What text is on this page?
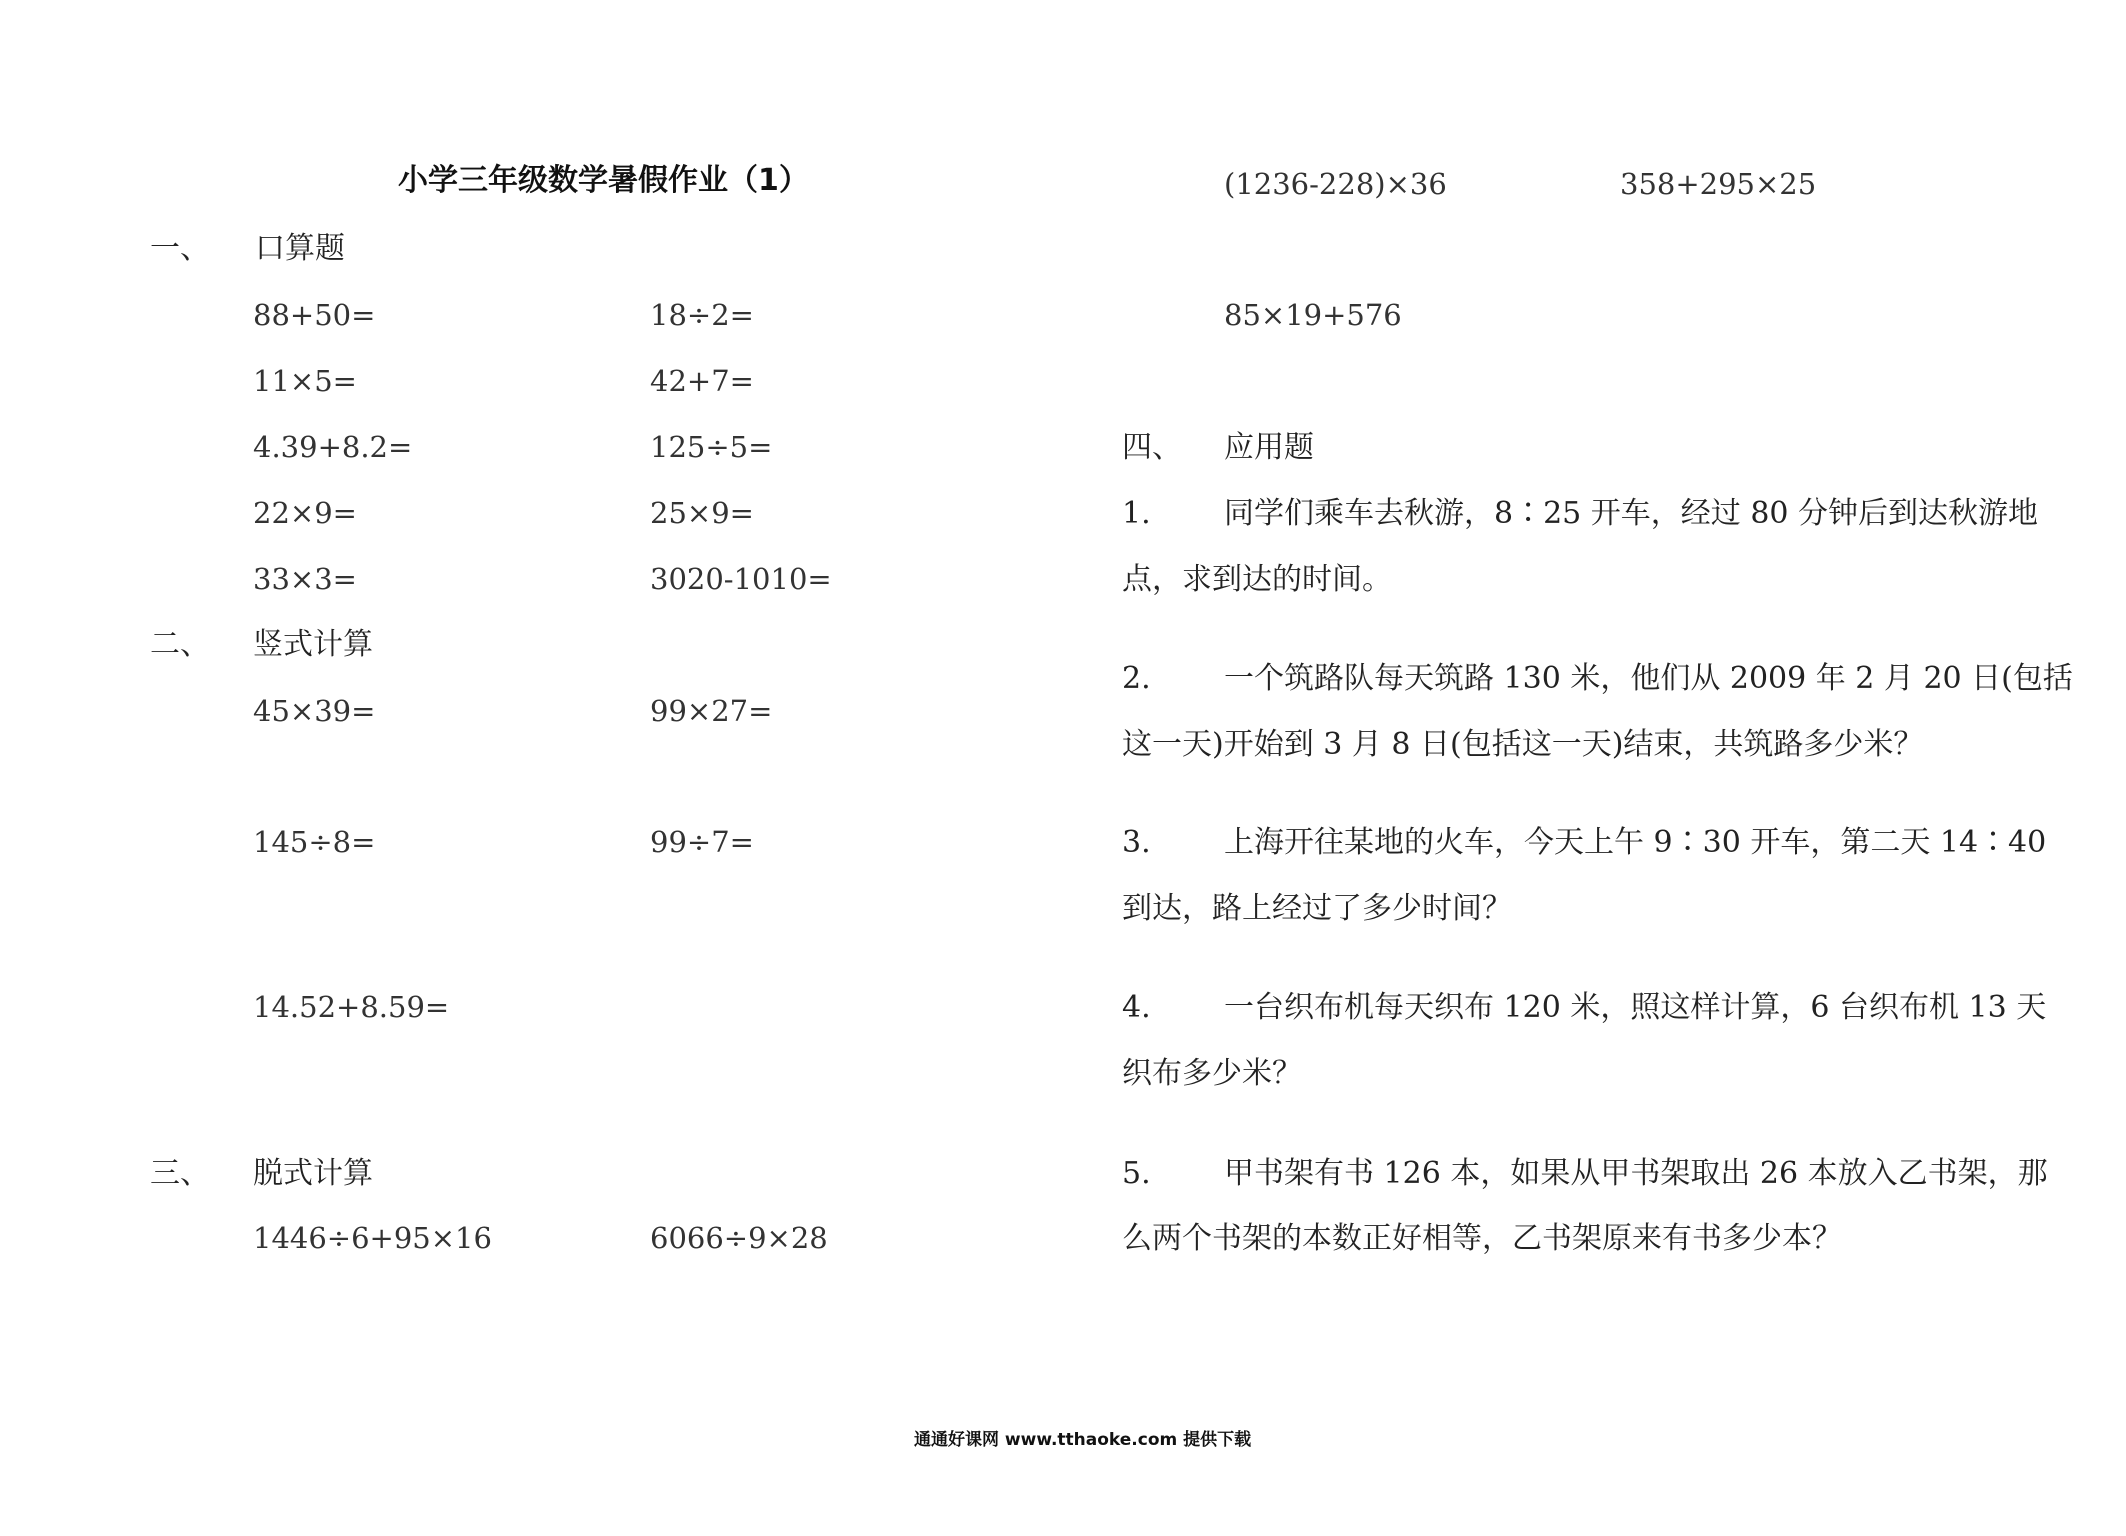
小学三年级数学暑假作业（1）
一、 口算题
88+50=	18÷2=
11×5=	42+7=
4.39+8.2=	125÷5=
22×9=	25×9=
33×3=	3020-1010=
二、 竖式计算
45×39=	99×27=
145÷8=	99÷7=
14.52+8.59=
三、 脱式计算
1446÷6+95×16	6066÷9×28
(1236-228)×36	358+295×25
85×19+576
四、 应用题
1. 同学们乘车去秋游，8∶25 开车，经过 80 分钟后到达秋游地
点，求到达的时间。
2. 一个筑路队每天筑路 130 米，他们从 2009 年 2 月 20 日(包括
这一天)开始到 3 月 8 日(包括这一天)结束，共筑路多少米？
3. 上海开往某地的火车，今天上午 9∶30 开车，第二天 14∶40
到达，路上经过了多少时间？
4. 一台织布机每天织布 120 米，照这样计算，6 台织布机 13 天
织布多少米？
5. 甲书架有书 126 本，如果从甲书架取出 26 本放入乙书架，那
么两个书架的本数正好相等，乙书架原来有书多少本？
通通好课网 www.tthaoke.com 提供下载
